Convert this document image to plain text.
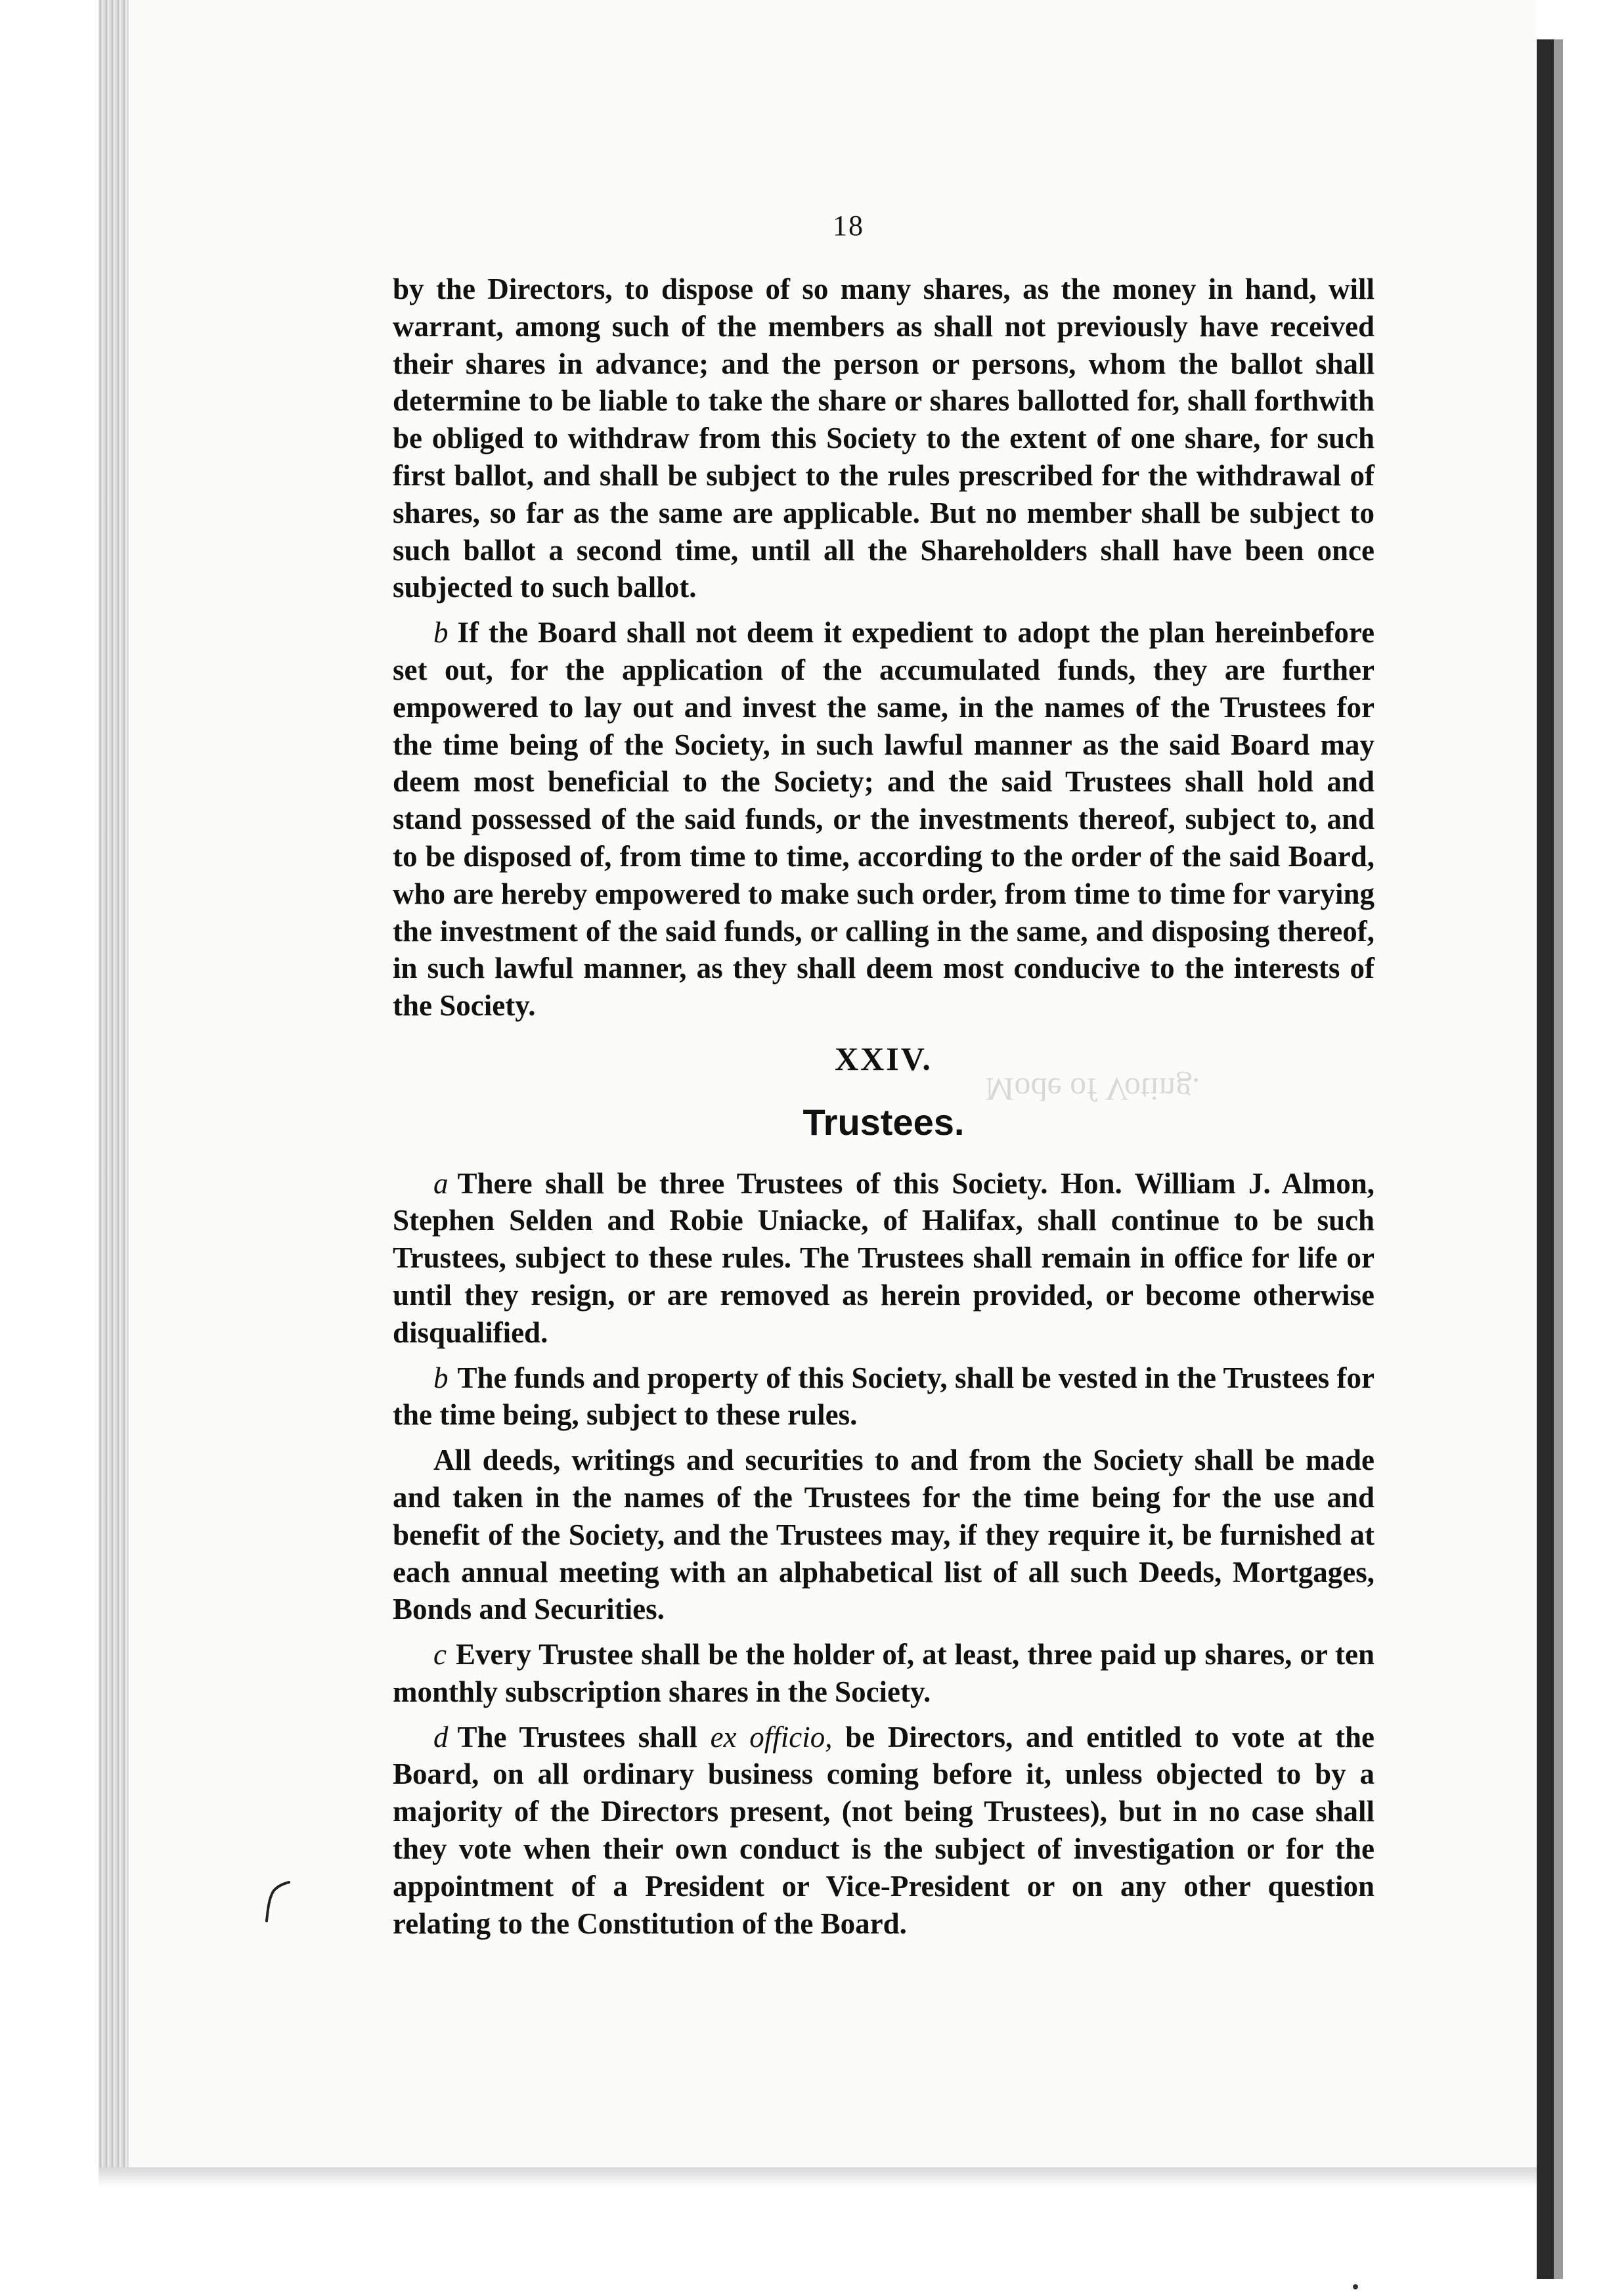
Mode of Voting.
18

by the Directors, to dispose of so many shares, as the money in hand, will warrant, among such of the members as shall not previously have received their shares in advance; and the person or persons, whom the ballot shall determine to be liable to take the share or shares ballotted for, shall forthwith be obliged to withdraw from this Society to the extent of one share, for such first ballot, and shall be subject to the rules prescribed for the withdrawal of shares, so far as the same are applicable. But no member shall be subject to such ballot a second time, until all the Shareholders shall have been once subjected to such ballot.

b If the Board shall not deem it expedient to adopt the plan hereinbefore set out, for the application of the accumulated funds, they are further empowered to lay out and invest the same, in the names of the Trustees for the time being of the Society, in such lawful manner as the said Board may deem most beneficial to the Society; and the said Trustees shall hold and stand possessed of the said funds, or the investments thereof, subject to, and to be disposed of, from time to time, according to the order of the said Board, who are hereby empowered to make such order, from time to time for varying the investment of the said funds, or calling in the same, and disposing thereof, in such lawful manner, as they shall deem most conducive to the interests of the Society.

XXIV.
Trustees.

a There shall be three Trustees of this Society. Hon. William J. Almon, Stephen Selden and Robie Uniacke, of Halifax, shall continue to be such Trustees, subject to these rules. The Trustees shall remain in office for life or until they resign, or are removed as herein provided, or become otherwise disqualified.

b The funds and property of this Society, shall be vested in the Trustees for the time being, subject to these rules.

All deeds, writings and securities to and from the Society shall be made and taken in the names of the Trustees for the time being for the use and benefit of the Society, and the Trustees may, if they require it, be furnished at each annual meeting with an alphabetical list of all such Deeds, Mortgages, Bonds and Securities.

c Every Trustee shall be the holder of, at least, three paid up shares, or ten monthly subscription shares in the Society.

d The Trustees shall ex officio, be Directors, and entitled to vote at the Board, on all ordinary business coming before it, unless objected to by a majority of the Directors present, (not being Trustees), but in no case shall they vote when their own conduct is the subject of investigation or for the appointment of a President or Vice-President or on any other question relating to the Constitution of the Board.
